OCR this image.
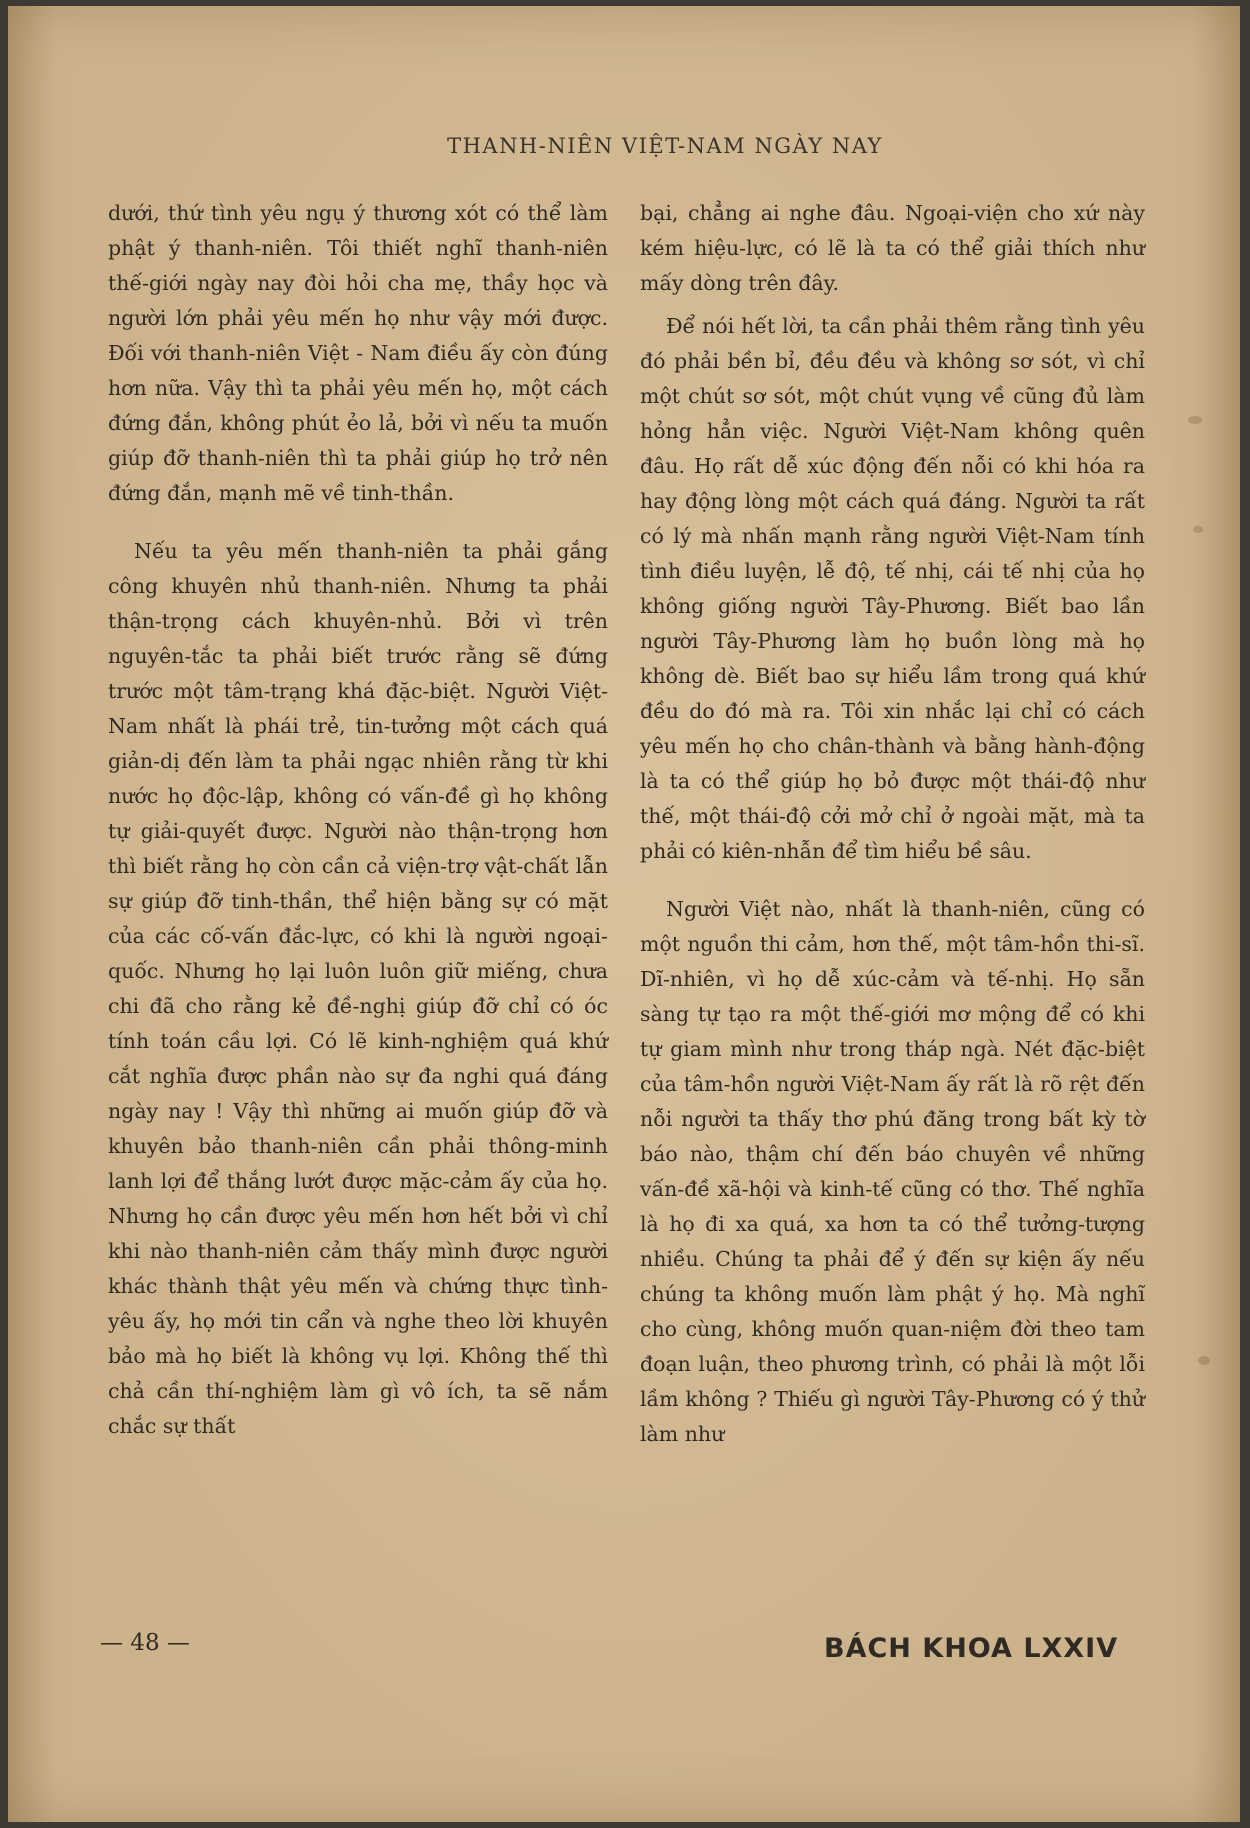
THANH-NIÊN VIỆT-NAM NGÀY NAY

dưới, thứ tình yêu ngụ ý thương xót có thể làm phật ý thanh-niên. Tôi thiết nghĩ thanh-niên thế-giới ngày nay đòi hỏi cha mẹ, thầy học và người lớn phải yêu mến họ như vậy mới được. Đối với thanh-niên Việt - Nam điều ấy còn đúng hơn nữa. Vậy thì ta phải yêu mến họ, một cách đứng đắn, không phút ẻo lả, bởi vì nếu ta muốn giúp đỡ thanh-niên thì ta phải giúp họ trở nên đứng đắn, mạnh mẽ về tinh-thần.

Nếu ta yêu mến thanh-niên ta phải gắng công khuyên nhủ thanh-niên. Nhưng ta phải thận-trọng cách khuyên-nhủ. Bởi vì trên nguyên-tắc ta phải biết trước rằng sẽ đứng trước một tâm-trạng khá đặc-biệt. Người Việt-Nam nhất là phái trẻ, tin-tưởng một cách quá giản-dị đến làm ta phải ngạc nhiên rằng từ khi nước họ độc-lập, không có vấn-đề gì họ không tự giải-quyết được. Người nào thận-trọng hơn thì biết rằng họ còn cần cả viện-trợ vật-chất lẫn sự giúp đỡ tinh-thần, thể hiện bằng sự có mặt của các cố-vấn đắc-lực, có khi là người ngoại-quốc. Nhưng họ lại luôn luôn giữ miếng, chưa chi đã cho rằng kẻ đề-nghị giúp đỡ chỉ có óc tính toán cầu lợi. Có lẽ kinh-nghiệm quá khứ cắt nghĩa được phần nào sự đa nghi quá đáng ngày nay ! Vậy thì những ai muốn giúp đỡ và khuyên bảo thanh-niên cần phải thông-minh lanh lợi để thắng lướt được mặc-cảm ấy của họ. Nhưng họ cần được yêu mến hơn hết bởi vì chỉ khi nào thanh-niên cảm thấy mình được người khác thành thật yêu mến và chứng thực tình-yêu ấy, họ mới tin cẩn và nghe theo lời khuyên bảo mà họ biết là không vụ lợi. Không thế thì chả cần thí-nghiệm làm gì vô ích, ta sẽ nắm chắc sự thất

bại, chẳng ai nghe đâu. Ngoại-viện cho xứ này kém hiệu-lực, có lẽ là ta có thể giải thích như mấy dòng trên đây.

Để nói hết lời, ta cần phải thêm rằng tình yêu đó phải bền bỉ, đều đều và không sơ sót, vì chỉ một chút sơ sót, một chút vụng về cũng đủ làm hỏng hẳn việc. Người Việt-Nam không quên đâu. Họ rất dễ xúc động đến nỗi có khi hóa ra hay động lòng một cách quá đáng. Người ta rất có lý mà nhấn mạnh rằng người Việt-Nam tính tình điều luyện, lễ độ, tế nhị, cái tế nhị của họ không giống người Tây-Phương. Biết bao lần người Tây-Phương làm họ buồn lòng mà họ không dè. Biết bao sự hiểu lầm trong quá khứ đều do đó mà ra. Tôi xin nhắc lại chỉ có cách yêu mến họ cho chân-thành và bằng hành-động là ta có thể giúp họ bỏ được một thái-độ như thế, một thái-độ cởi mở chỉ ở ngoài mặt, mà ta phải có kiên-nhẫn để tìm hiểu bề sâu.

Người Việt nào, nhất là thanh-niên, cũng có một nguồn thi cảm, hơn thế, một tâm-hồn thi-sĩ. Dĩ-nhiên, vì họ dễ xúc-cảm và tế-nhị. Họ sẵn sàng tự tạo ra một thế-giới mơ mộng để có khi tự giam mình như trong tháp ngà. Nét đặc-biệt của tâm-hồn người Việt-Nam ấy rất là rõ rệt đến nỗi người ta thấy thơ phú đăng trong bất kỳ tờ báo nào, thậm chí đến báo chuyên về những vấn-đề xã-hội và kinh-tế cũng có thơ. Thế nghĩa là họ đi xa quá, xa hơn ta có thể tưởng-tượng nhiều. Chúng ta phải để ý đến sự kiện ấy nếu chúng ta không muốn làm phật ý họ. Mà nghĩ cho cùng, không muốn quan-niệm đời theo tam đoạn luận, theo phương trình, có phải là một lỗi lầm không ? Thiếu gì người Tây-Phương có ý thử làm như

— 48 —	BÁCH KHOA LXXIV
